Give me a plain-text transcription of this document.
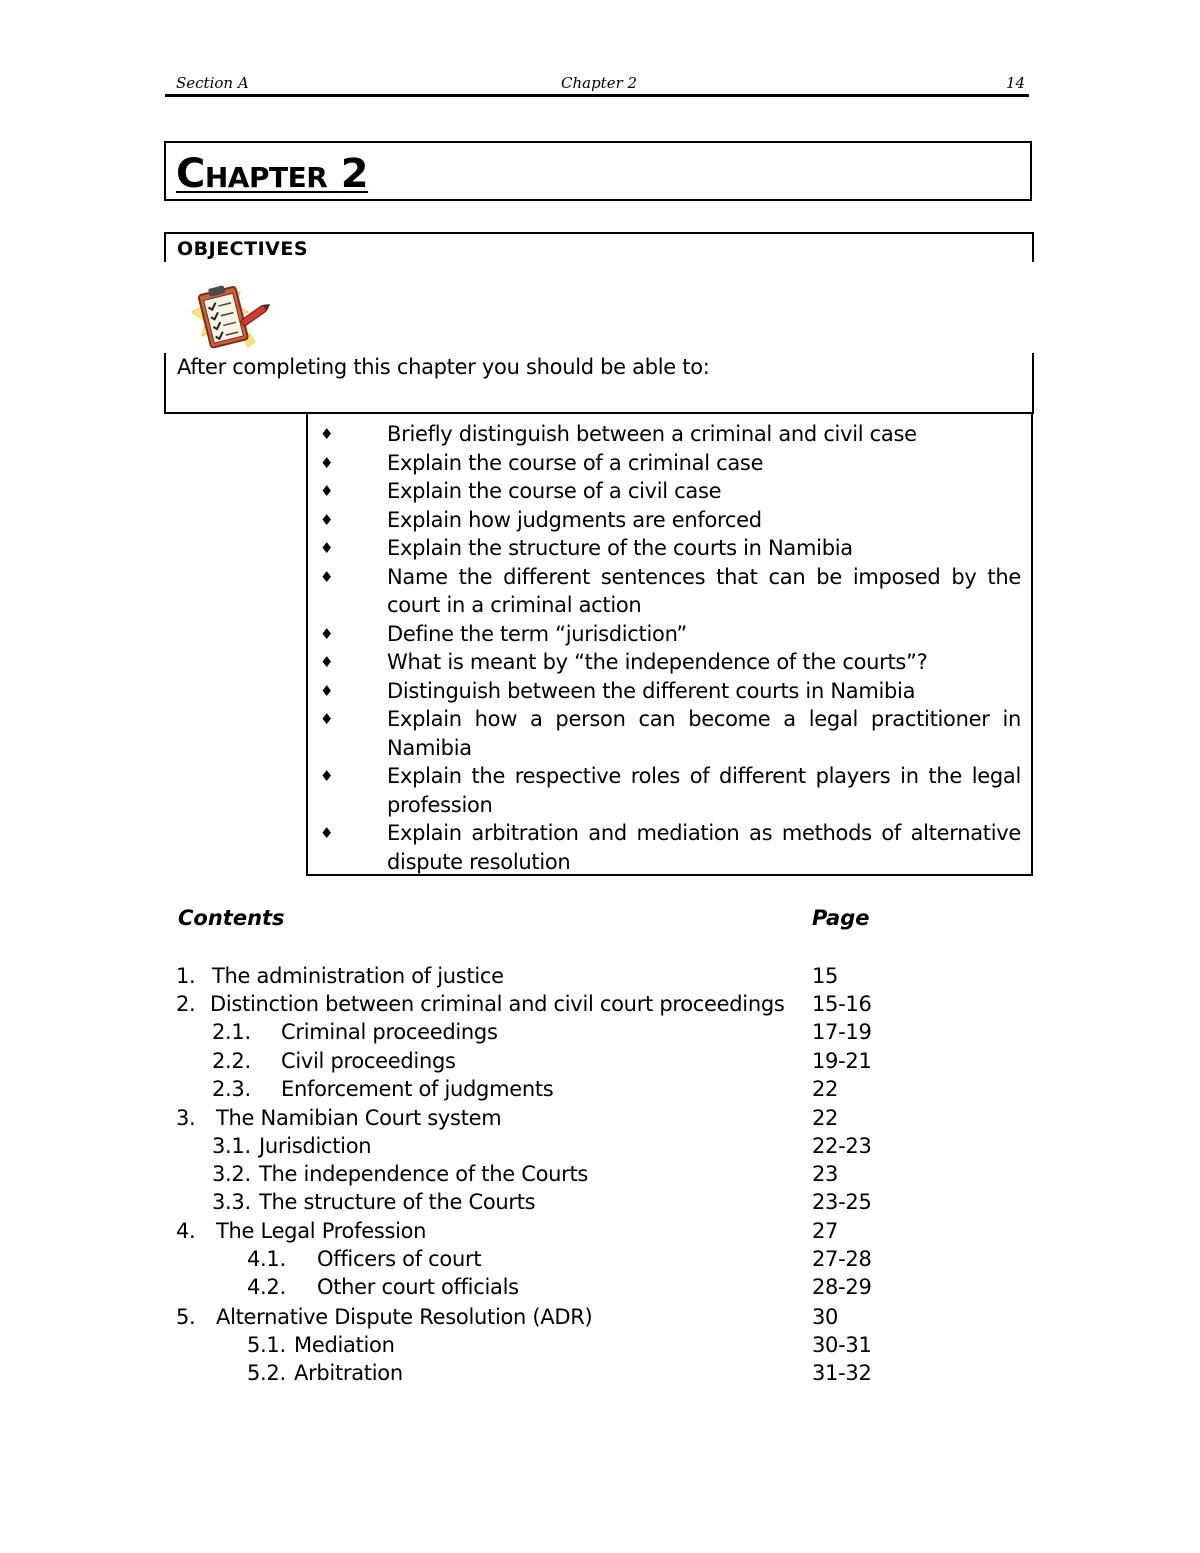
Section A	Chapter 2	14
CHAPTER 2
OBJECTIVES
After completing this chapter you should be able to:
♦	Briefly distinguish between a criminal and civil case
♦	Explain the course of a criminal case
♦	Explain the course of a civil case
♦	Explain how judgments are enforced
♦	Explain the structure of the courts in Namibia
♦	Name the different sentences that can be imposed by the court in a criminal action
♦	Define the term “jurisdiction”
♦	What is meant by “the independence of the courts”?
♦	Distinguish between the different courts in Namibia
♦	Explain how a person can become a legal practitioner in Namibia
♦	Explain the respective roles of different players in the legal profession
♦	Explain arbitration and mediation as methods of alternative dispute resolution
Contents	Page
1. The administration of justice	15
2. Distinction between criminal and civil court proceedings 15-16
2.1. Criminal proceedings	17-19
2.2. Civil proceedings	19-21
2.3. Enforcement of judgments	22
3. The Namibian Court system	22
3.1. Jurisdiction	22-23
3.2. The independence of the Courts	23
3.3. The structure of the Courts	23-25
4. The Legal Profession	27
4.1. Officers of court	27-28
4.2. Other court officials	28-29
5. Alternative Dispute Resolution (ADR)	30
5.1. Mediation	30-31
5.2. Arbitration	31-32
